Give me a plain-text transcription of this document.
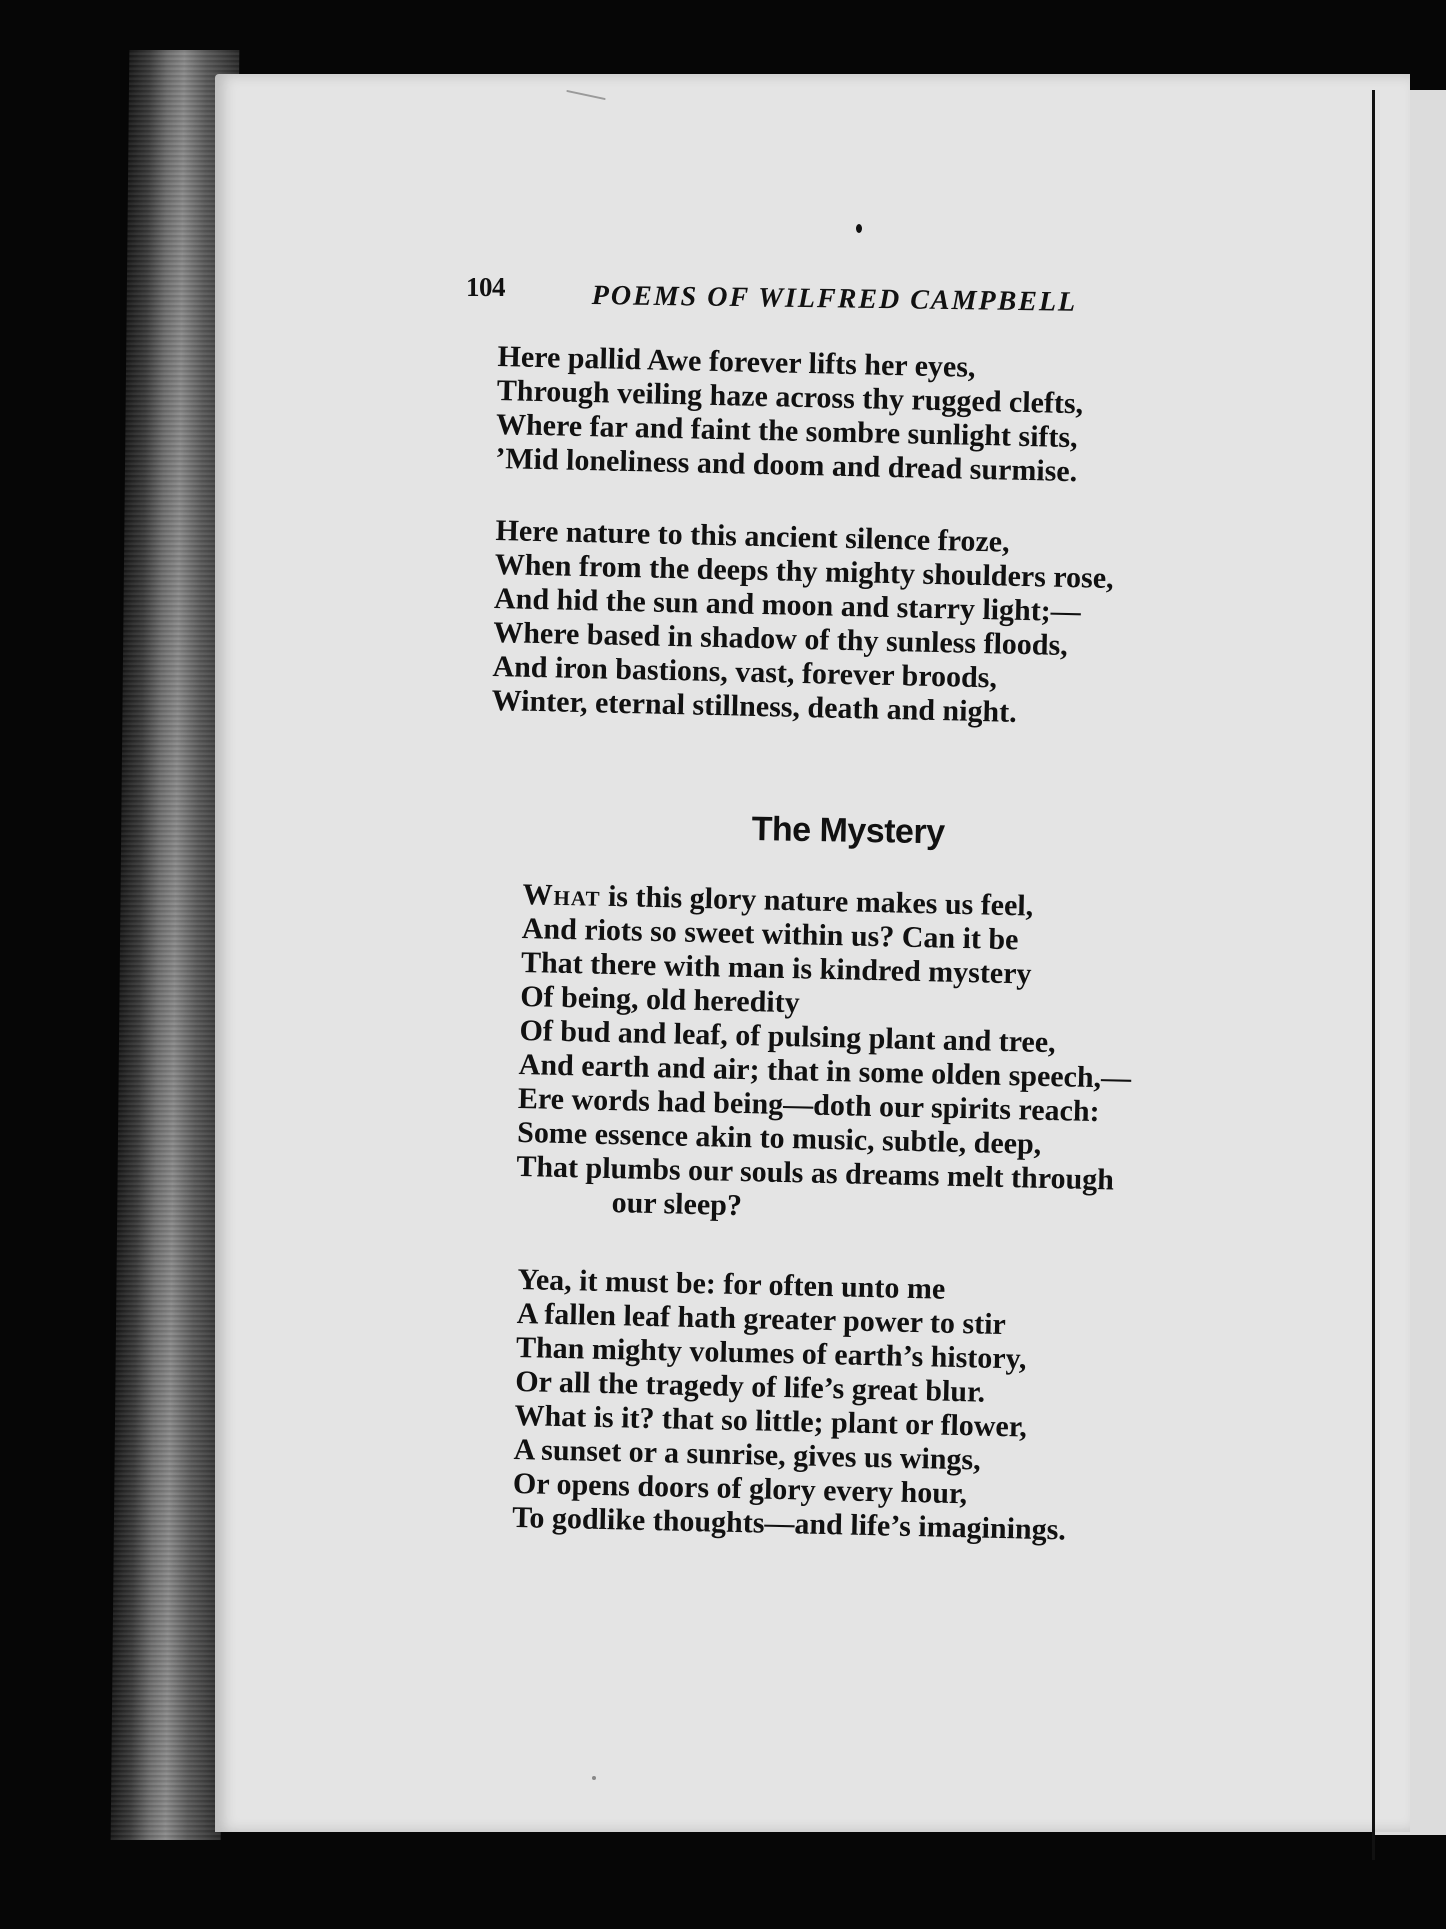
104	POEMS OF WILFRED CAMPBELL
Here pallid Awe forever lifts her eyes,
Through veiling haze across thy rugged clefts,
Where far and faint the sombre sunlight sifts,
’Mid loneliness and doom and dread surmise.
Here nature to this ancient silence froze,
When from the deeps thy mighty shoulders rose,
And hid the sun and moon and starry light;—
Where based in shadow of thy sunless floods,
And iron bastions, vast, forever broods,
Winter, eternal stillness, death and night.
The Mystery
What is this glory nature makes us feel,
And riots so sweet within us? Can it be
That there with man is kindred mystery
Of being, old heredity
Of bud and leaf, of pulsing plant and tree,
And earth and air; that in some olden speech,—
Ere words had being—doth our spirits reach:
Some essence akin to music, subtle, deep,
That plumbs our souls as dreams melt through
our sleep?
Yea, it must be: for often unto me
A fallen leaf hath greater power to stir
Than mighty volumes of earth’s history,
Or all the tragedy of life’s great blur.
What is it? that so little; plant or flower,
A sunset or a sunrise, gives us wings,
Or opens doors of glory every hour,
To godlike thoughts—and life’s imaginings.
